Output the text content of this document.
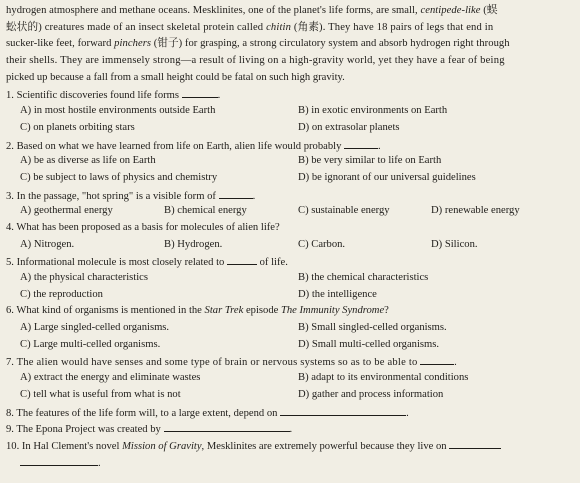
hydrogen atmosphere and methane oceans. Mesklinites, one of the planet's life forms, are small, centipede-like (蜈
蚣状的) creatures made of an insect skeletal protein called chitin (角素). They have 18 pairs of legs that end in
sucker-like feet, forward pinchers (钳子) for grasping, a strong circulatory system and absorb hydrogen right through
their shells. They are immensely strong—a result of living on a high-gravity world, yet they have a fear of being
picked up because a fall from a small height could be fatal on such high gravity.
1. Scientific discoveries found life forms	.
A) in most hostile environments outside Earth	B) in exotic environments on Earth
C) on planets orbiting stars	D) on extrasolar planets
2. Based on what we have learned from life on Earth, alien life would probably	.
A) be as diverse as life on Earth	B) be very similar to life on Earth
C) be subject to laws of physics and chemistry	D) be ignorant of our universal guidelines
3. In the passage, "hot spring" is a visible form of	.
A) geothermal energy	B) chemical energy	C) sustainable energy	D) renewable energy
4. What has been proposed as a basis for molecules of alien life?
A) Nitrogen.	B) Hydrogen.	C) Carbon.	D) Silicon.
5. Informational molecule is most closely related to	of life.
A) the physical characteristics	B) the chemical characteristics
C) the reproduction	D) the intelligence
6. What kind of organisms is mentioned in the Star Trek episode The Immunity Syndrome?
A) Large singled-celled organisms.	B) Small singled-celled organisms.
C) Large multi-celled organisms.	D) Small multi-celled organisms.
7. The alien would have senses and some type of brain or nervous systems so as to be able to	.
A) extract the energy and eliminate wastes	B) adapt to its environmental conditions
C) tell what is useful from what is not	D) gather and process information
8. The features of the life form will, to a large extent, depend on	.
9. The Epona Project was created by	.
10. In Hal Clement's novel Mission of Gravity, Mesklinites are extremely powerful because they live on
.
